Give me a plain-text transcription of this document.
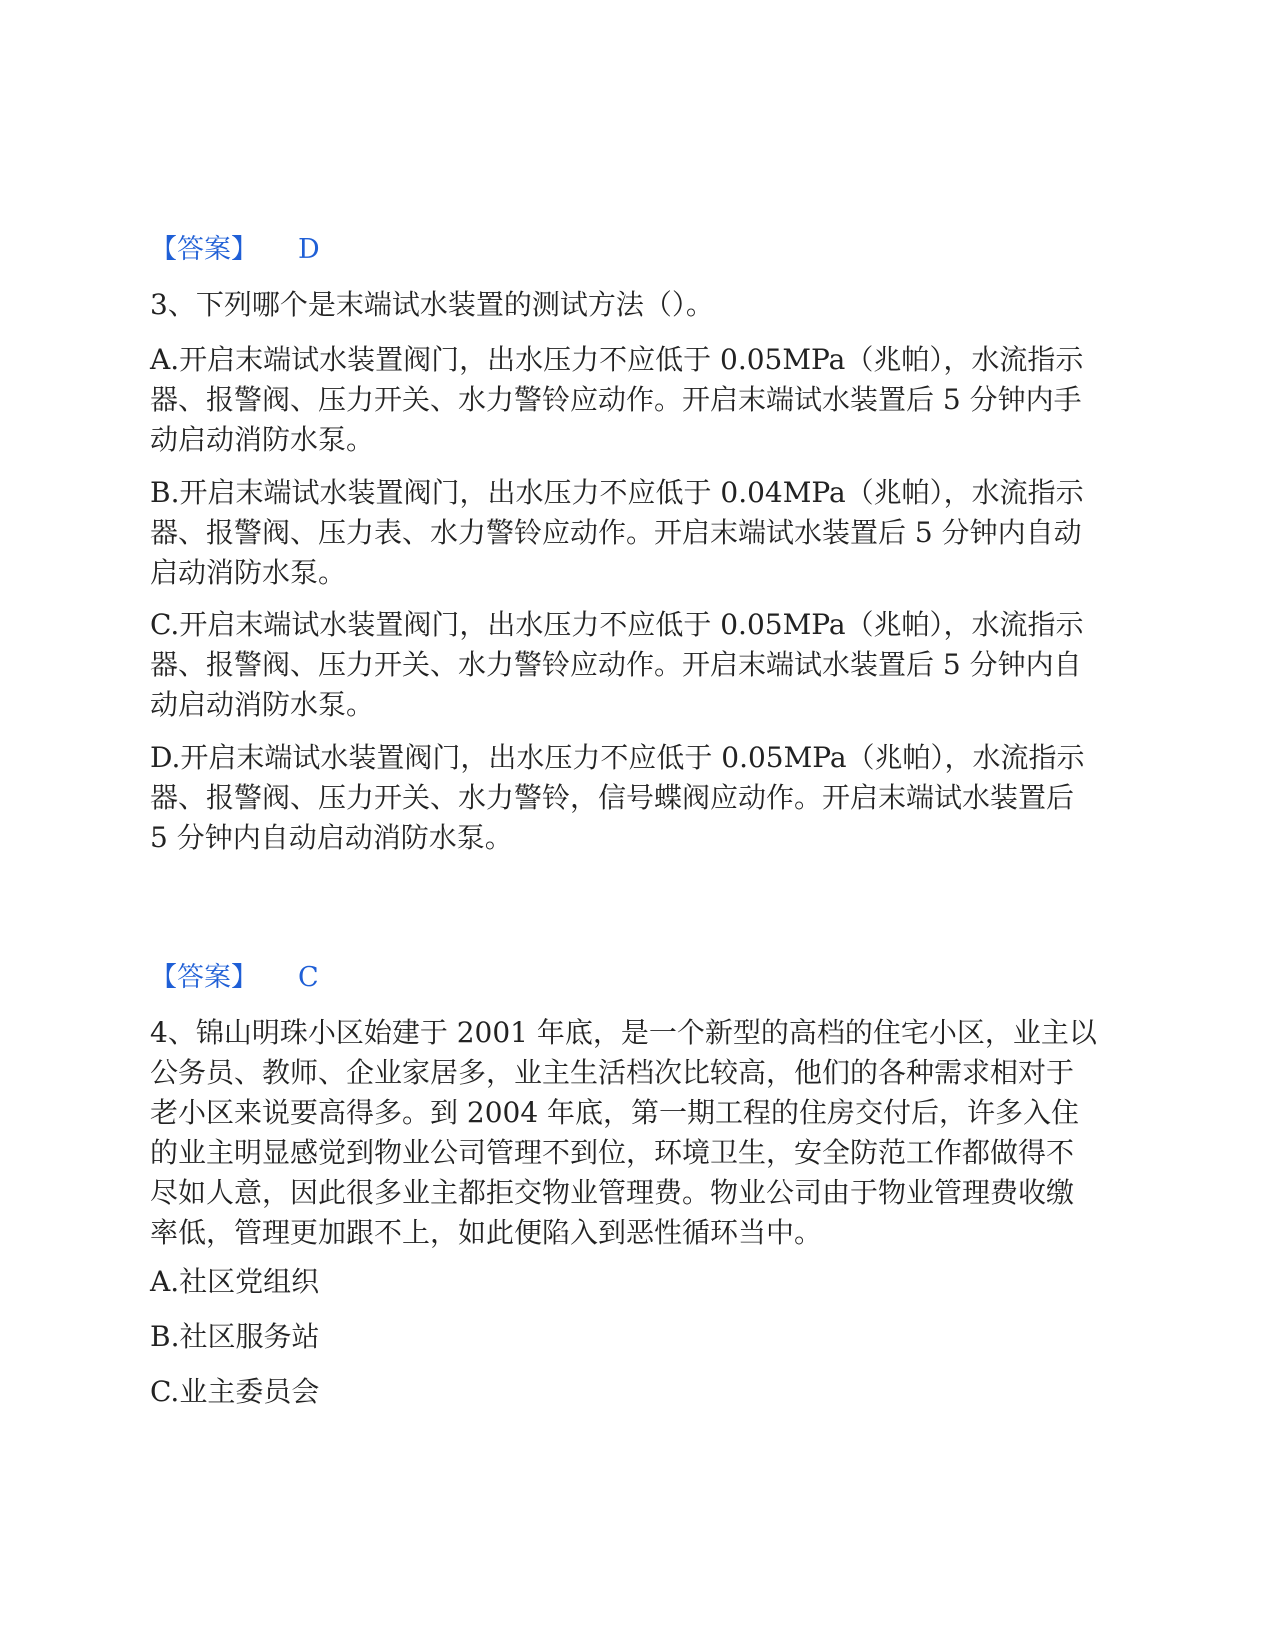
【答案】 D

3、下列哪个是末端试水装置的测试方法（）。

A.开启末端试水装置阀门，出水压力不应低于 0.05MPa（兆帕），水流指示
器、报警阀、压力开关、水力警铃应动作。开启末端试水装置后 5 分钟内手
动启动消防水泵。

B.开启末端试水装置阀门，出水压力不应低于 0.04MPa（兆帕），水流指示
器、报警阀、压力表、水力警铃应动作。开启末端试水装置后 5 分钟内自动
启动消防水泵。

C.开启末端试水装置阀门，出水压力不应低于 0.05MPa（兆帕），水流指示
器、报警阀、压力开关、水力警铃应动作。开启末端试水装置后 5 分钟内自
动启动消防水泵。

D.开启末端试水装置阀门，出水压力不应低于 0.05MPa（兆帕），水流指示
器、报警阀、压力开关、水力警铃，信号蝶阀应动作。开启末端试水装置后
5 分钟内自动启动消防水泵。

【答案】 C

4、锦山明珠小区始建于 2001 年底，是一个新型的高档的住宅小区，业主以
公务员、教师、企业家居多，业主生活档次比较高，他们的各种需求相对于
老小区来说要高得多。到 2004 年底，第一期工程的住房交付后，许多入住
的业主明显感觉到物业公司管理不到位，环境卫生，安全防范工作都做得不
尽如人意，因此很多业主都拒交物业管理费。物业公司由于物业管理费收缴
率低，管理更加跟不上，如此便陷入到恶性循环当中。

A.社区党组织

B.社区服务站

C.业主委员会
